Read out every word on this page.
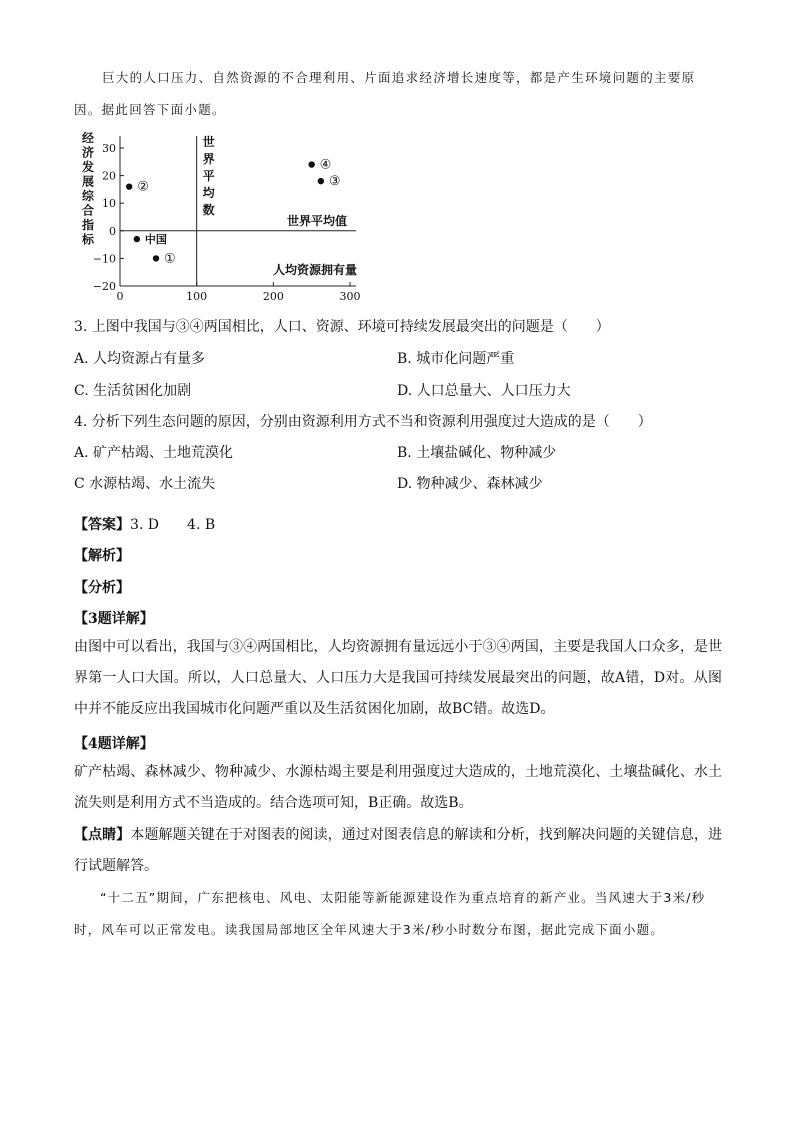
巨大的人口压力、自然资源的不合理利用、片面追求经济增长速度等，都是产生环境问题的主要原因。据此回答下面小题。
30
20
10
0
−10
−20
0	100	200	300
世
界
平
均
数
世界平均值
经
济
发
展
综
合
指
标
人均资源拥有量
②
中国
①
④
③
3. 上图中我国与③④两国相比，人口、资源、环境可持续发展最突出的问题是（　　）
A. 人均资源占有量多	B. 城市化问题严重
C. 生活贫困化加剧	D. 人口总量大、人口压力大
4. 分析下列生态问题的原因，分别由资源利用方式不当和资源利用强度过大造成的是（　　）
A. 矿产枯竭、土地荒漠化	B. 土壤盐碱化、物种减少
C 水源枯竭、水土流失	D. 物种减少、森林减少
【答案】3. D　　4. B
【解析】
【分析】
【3题详解】
由图中可以看出，我国与③④两国相比，人均资源拥有量远远小于③④两国，主要是我国人口众多，是世界第一人口大国。所以，人口总量大、人口压力大是我国可持续发展最突出的问题，故A错，D对。从图中并不能反应出我国城市化问题严重以及生活贫困化加剧，故BC错。故选D。
【4题详解】
矿产枯竭、森林减少、物种减少、水源枯竭主要是利用强度过大造成的，土地荒漠化、土壤盐碱化、水土流失则是利用方式不当造成的。结合选项可知，B正确。故选B。
【点睛】本题解题关键在于对图表的阅读，通过对图表信息的解读和分析，找到解决问题的关键信息，进行试题解答。
“十二五”期间，广东把核电、风电、太阳能等新能源建设作为重点培育的新产业。当风速大于3米/秒时，风车可以正常发电。读我国局部地区全年风速大于3米/秒小时数分布图，据此完成下面小题。
